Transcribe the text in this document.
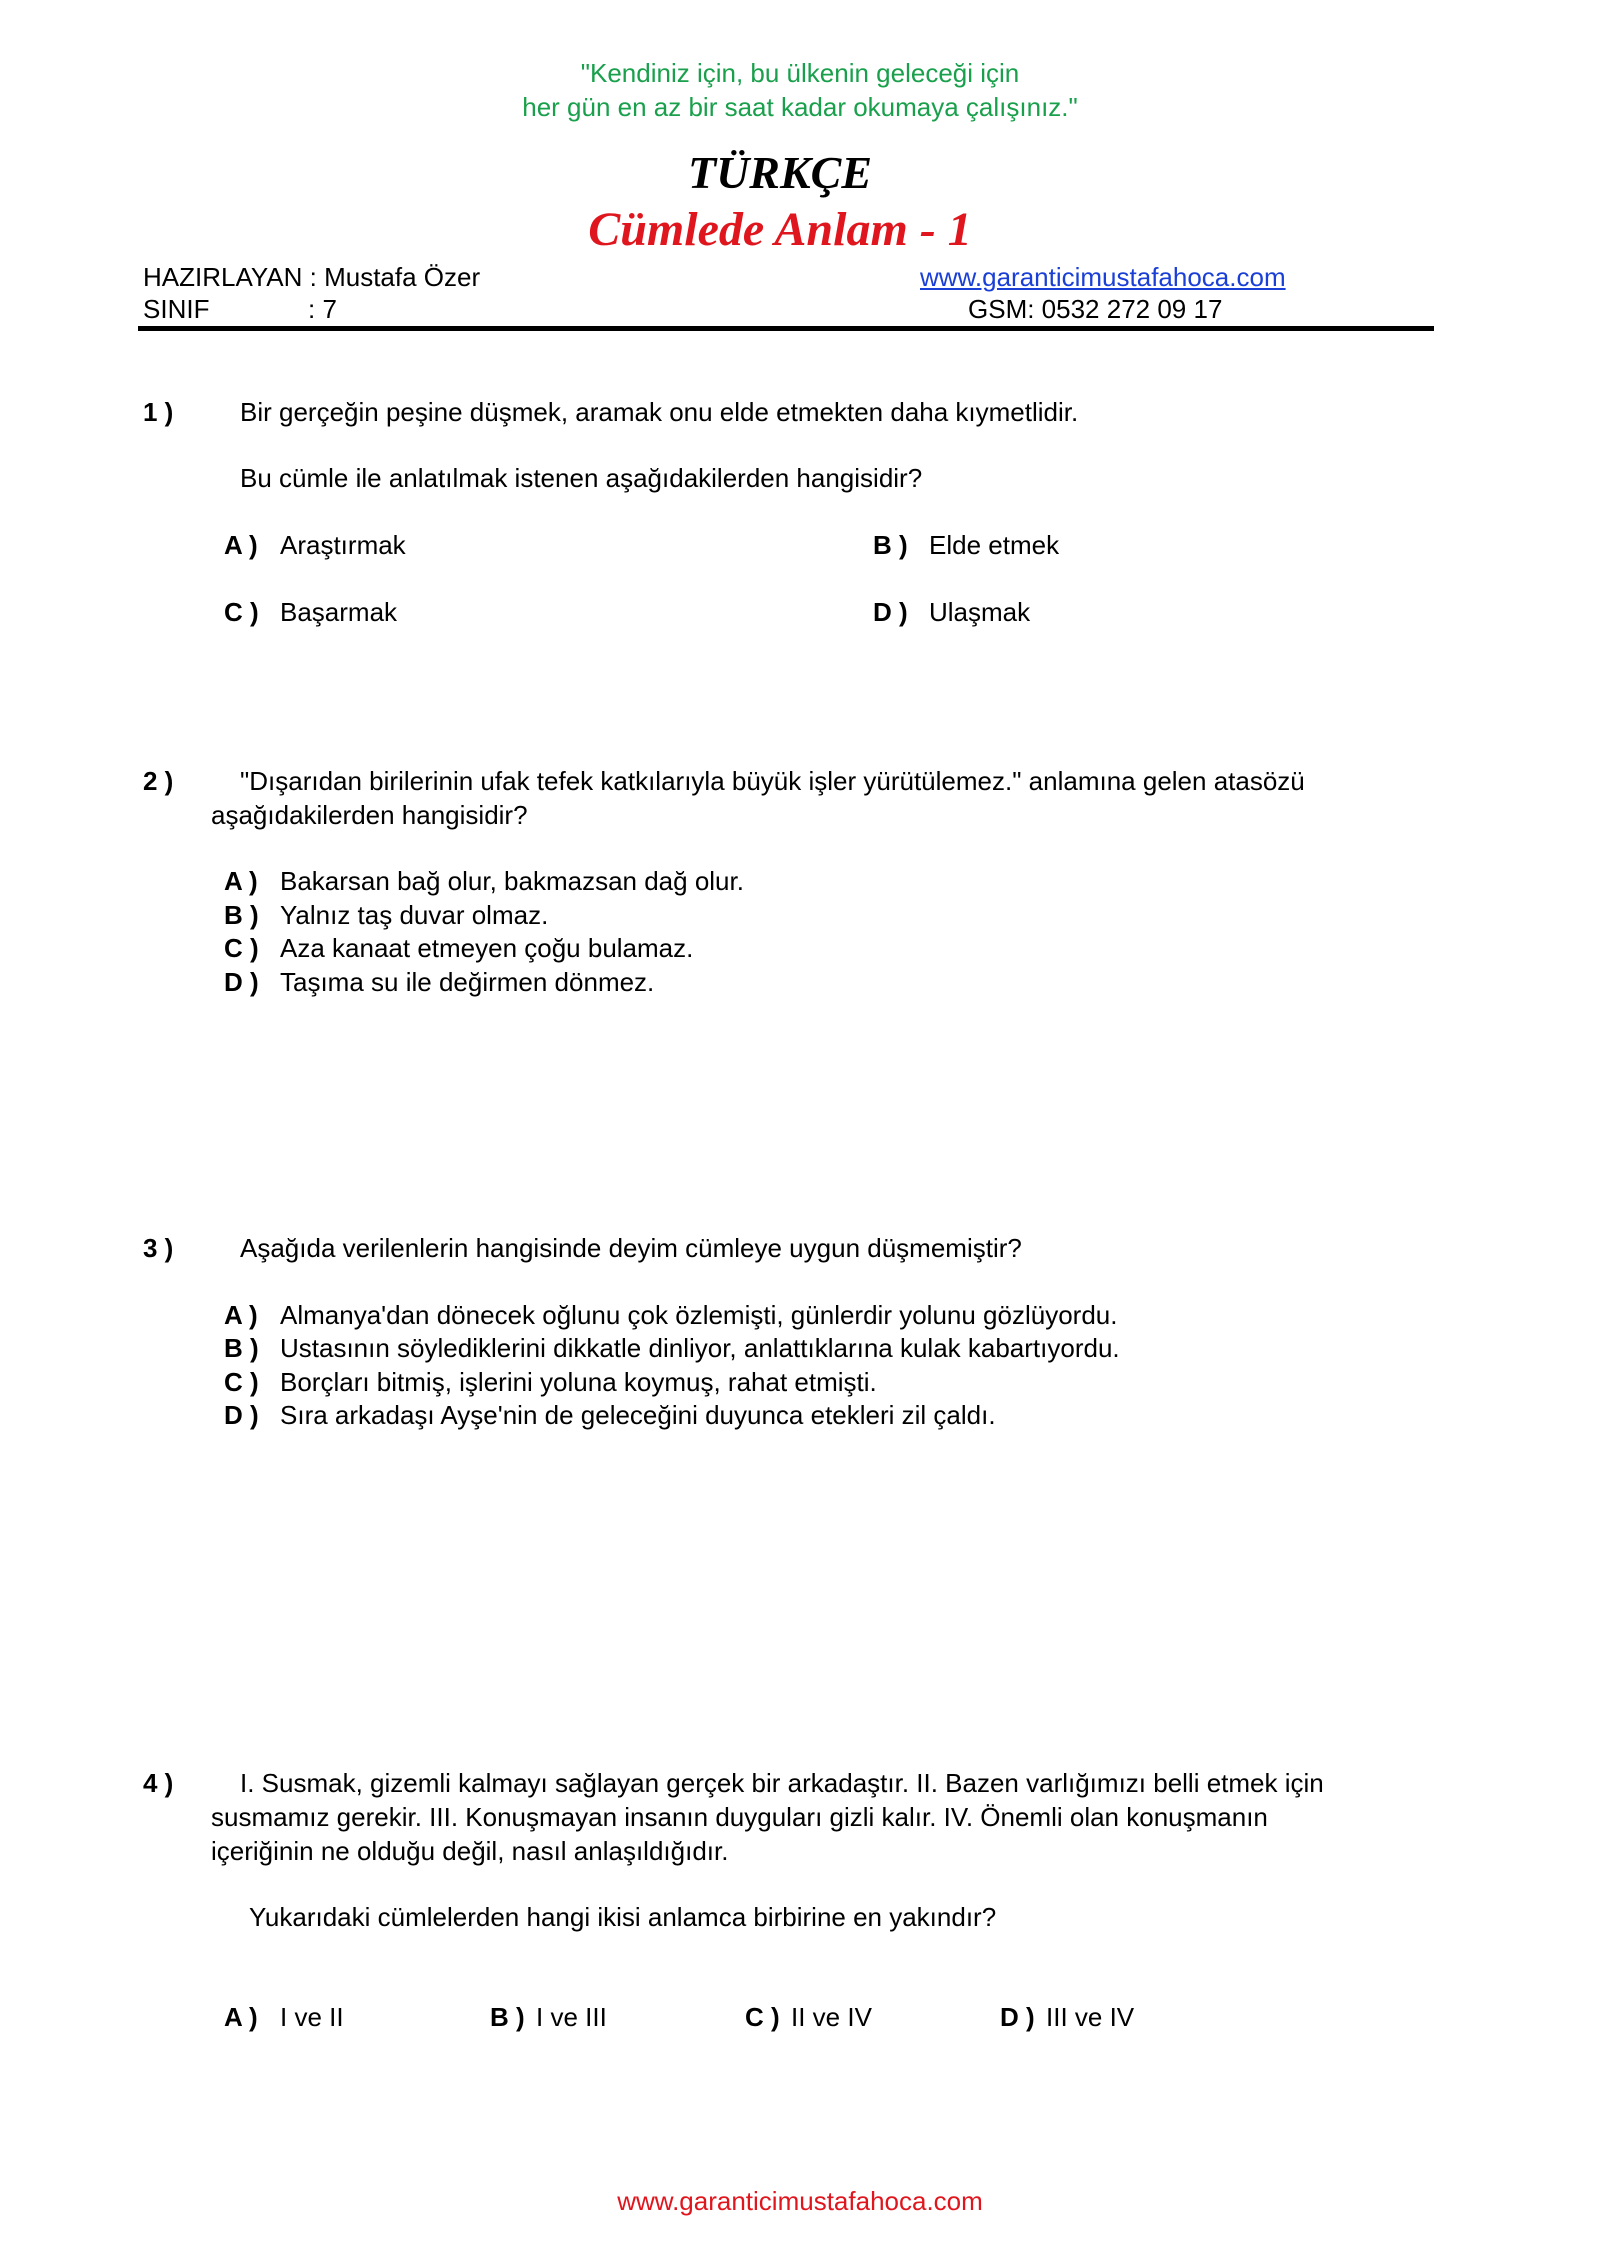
"Kendiniz için, bu ülkenin geleceği için
her gün en az bir saat kadar okumaya çalışınız."
TÜRKÇE
Cümlede Anlam - 1
HAZIRLAYAN : Mustafa Özer	www.garanticimustafahoca.com
SINIF	: 7	GSM: 0532 272 09 17
1 )	Bir gerçeğin peşine düşmek, aramak onu elde etmekten daha kıymetlidir.
Bu cümle ile anlatılmak istenen aşağıdakilerden hangisidir?
A ) Araştırmak	B ) Elde etmek
C ) Başarmak	D ) Ulaşmak
2 )	"Dışarıdan birilerinin ufak tefek katkılarıyla büyük işler yürütülemez." anlamına gelen atasözü
aşağıdakilerden hangisidir?
A ) Bakarsan bağ olur, bakmazsan dağ olur.
B ) Yalnız taş duvar olmaz.
C ) Aza kanaat etmeyen çoğu bulamaz.
D ) Taşıma su ile değirmen dönmez.
3 )	Aşağıda verilenlerin hangisinde deyim cümleye uygun düşmemiştir?
A ) Almanya'dan dönecek oğlunu çok özlemişti, günlerdir yolunu gözlüyordu.
B ) Ustasının söylediklerini dikkatle dinliyor, anlattıklarına kulak kabartıyordu.
C ) Borçları bitmiş, işlerini yoluna koymuş, rahat etmişti.
D ) Sıra arkadaşı Ayşe'nin de geleceğini duyunca etekleri zil çaldı.
4 )	I. Susmak, gizemli kalmayı sağlayan gerçek bir arkadaştır. II. Bazen varlığımızı belli etmek için
susmamız gerekir. III. Konuşmayan insanın duyguları gizli kalır. IV. Önemli olan konuşmanın
içeriğinin ne olduğu değil, nasıl anlaşıldığıdır.
Yukarıdaki cümlelerden hangi ikisi anlamca birbirine en yakındır?
A ) I ve II	B ) I ve III	C ) II ve IV	D ) III ve IV
www.garanticimustafahoca.com
